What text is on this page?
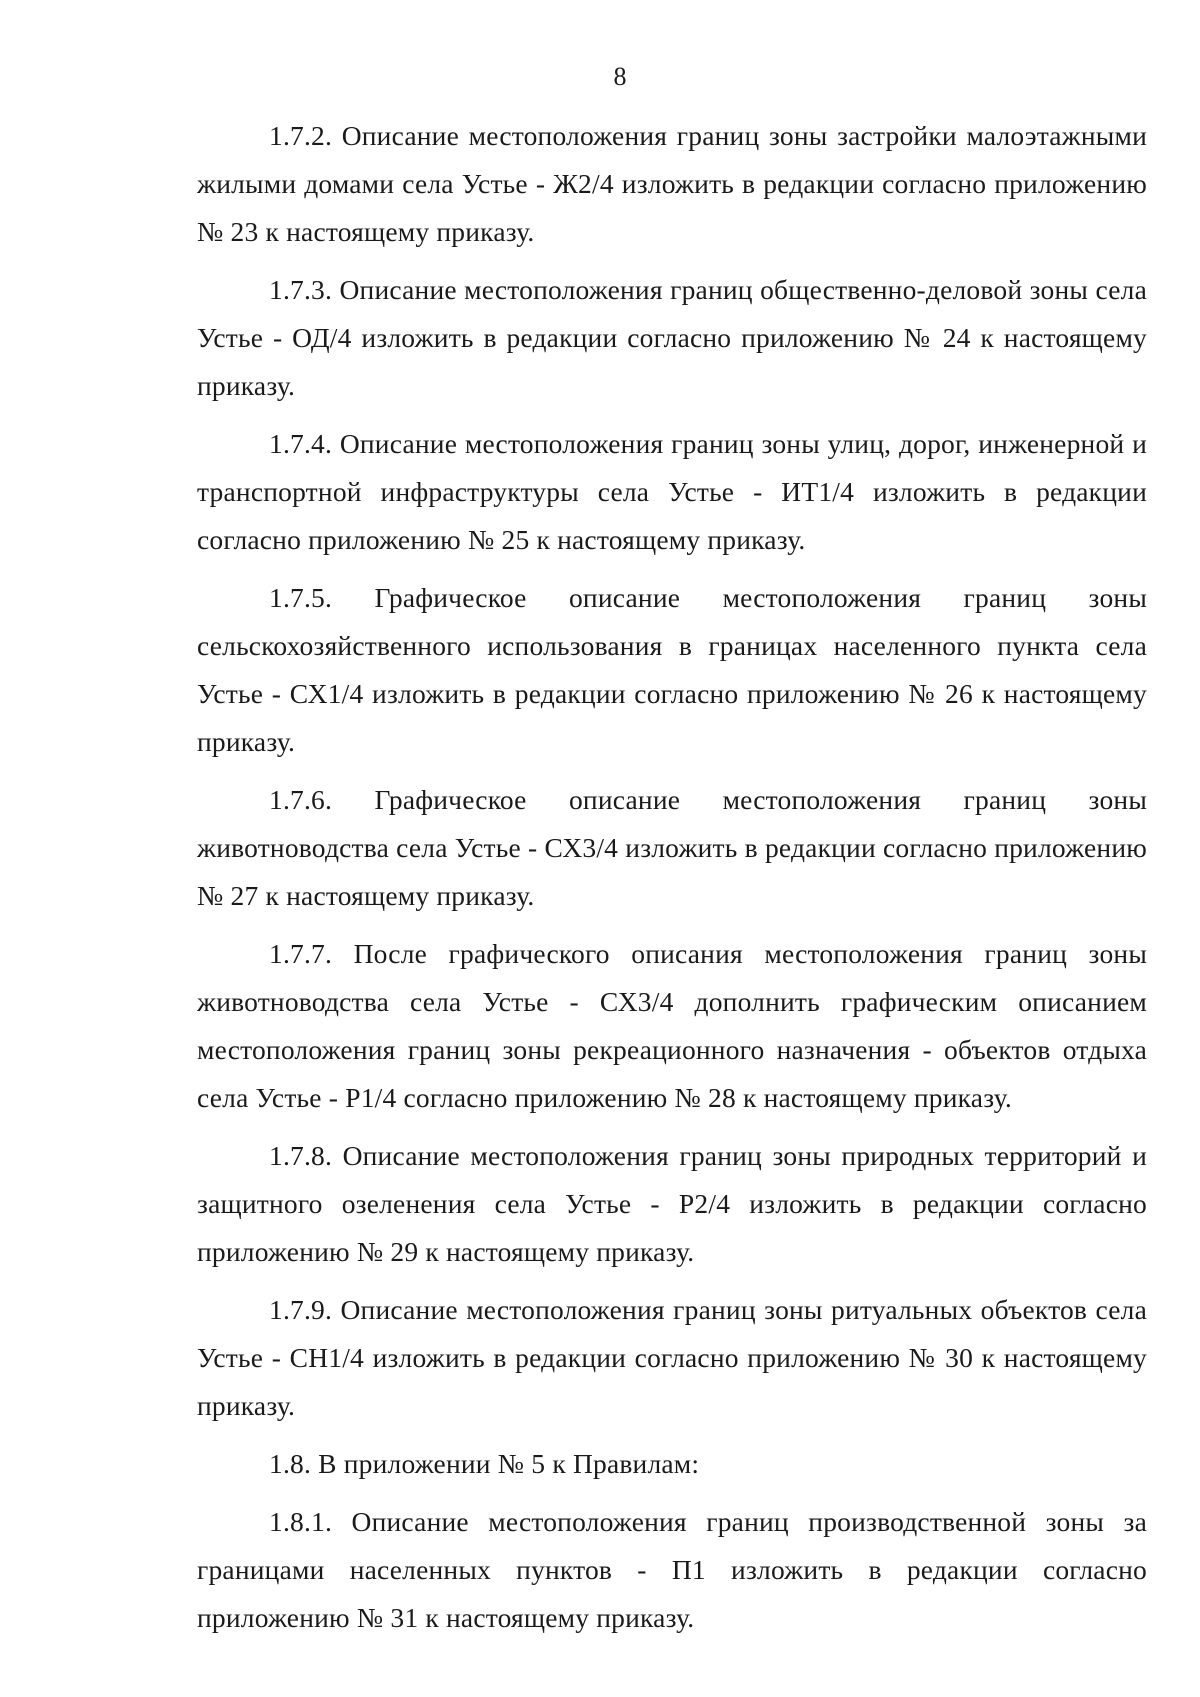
8

1.7.2. Описание местоположения границ зоны застройки малоэтажными жилыми домами села Устье - Ж2/4 изложить в редакции согласно приложению № 23 к настоящему приказу.

1.7.3. Описание местоположения границ общественно-деловой зоны села Устье - ОД/4 изложить в редакции согласно приложению № 24 к настоящему приказу.

1.7.4. Описание местоположения границ зоны улиц, дорог, инженерной и транспортной инфраструктуры села Устье - ИТ1/4 изложить в редакции согласно приложению № 25 к настоящему приказу.

1.7.5. Графическое описание местоположения границ зоны сельскохозяйственного использования в границах населенного пункта села Устье - СХ1/4 изложить в редакции согласно приложению № 26 к настоящему приказу.

1.7.6. Графическое описание местоположения границ зоны животноводства села Устье - СХ3/4 изложить в редакции согласно приложению № 27 к настоящему приказу.

1.7.7. После графического описания местоположения границ зоны животноводства села Устье - СХ3/4 дополнить графическим описанием местоположения границ зоны рекреационного назначения - объектов отдыха села Устье - Р1/4 согласно приложению № 28 к настоящему приказу.

1.7.8. Описание местоположения границ зоны природных территорий и защитного озеленения села Устье - Р2/4 изложить в редакции согласно приложению № 29 к настоящему приказу.

1.7.9. Описание местоположения границ зоны ритуальных объектов села Устье - СН1/4 изложить в редакции согласно приложению № 30 к настоящему приказу.

1.8. В приложении № 5 к Правилам:

1.8.1. Описание местоположения границ производственной зоны за границами населенных пунктов - П1 изложить в редакции согласно приложению № 31 к настоящему приказу.
